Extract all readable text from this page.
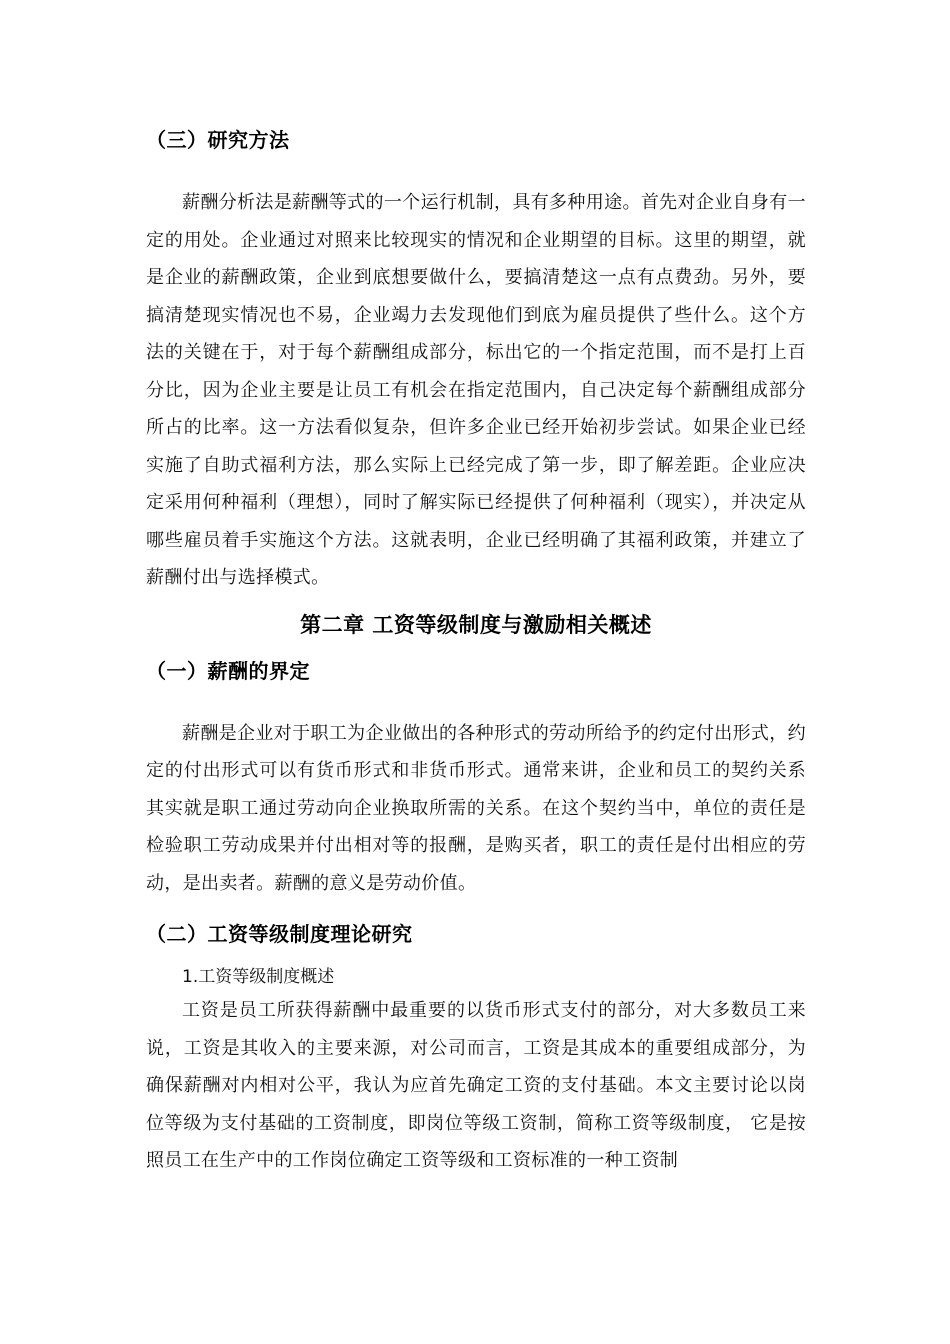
（三）研究方法

薪酬分析法是薪酬等式的一个运行机制，具有多种用途。首先对企业自身有一定的用处。企业通过对照来比较现实的情况和企业期望的目标。这里的期望，就是企业的薪酬政策，企业到底想要做什么，要搞清楚这一点有点费劲。另外，要搞清楚现实情况也不易，企业竭力去发现他们到底为雇员提供了些什么。这个方法的关键在于，对于每个薪酬组成部分，标出它的一个指定范围，而不是打上百分比，因为企业主要是让员工有机会在指定范围内，自己决定每个薪酬组成部分所占的比率。这一方法看似复杂，但许多企业已经开始初步尝试。如果企业已经实施了自助式福利方法，那么实际上已经完成了第一步，即了解差距。企业应决定采用何种福利（理想），同时了解实际已经提供了何种福利（现实），并决定从哪些雇员着手实施这个方法。这就表明，企业已经明确了其福利政策，并建立了薪酬付出与选择模式。

第二章 工资等级制度与激励相关概述
（一）薪酬的界定

薪酬是企业对于职工为企业做出的各种形式的劳动所给予的约定付出形式，约定的付出形式可以有货币形式和非货币形式。通常来讲，企业和员工的契约关系其实就是职工通过劳动向企业换取所需的关系。在这个契约当中，单位的责任是检验职工劳动成果并付出相对等的报酬，是购买者，职工的责任是付出相应的劳动，是出卖者。薪酬的意义是劳动价值。

（二）工资等级制度理论研究

1.工资等级制度概述

工资是员工所获得薪酬中最重要的以货币形式支付的部分，对大多数员工来说，工资是其收入的主要来源，对公司而言，工资是其成本的重要组成部分，为确保薪酬对内相对公平，我认为应首先确定工资的支付基础。本文主要讨论以岗位等级为支付基础的工资制度，即岗位等级工资制，简称工资等级制度， 它是按照员工在生产中的工作岗位确定工资等级和工资标准的一种工资制
